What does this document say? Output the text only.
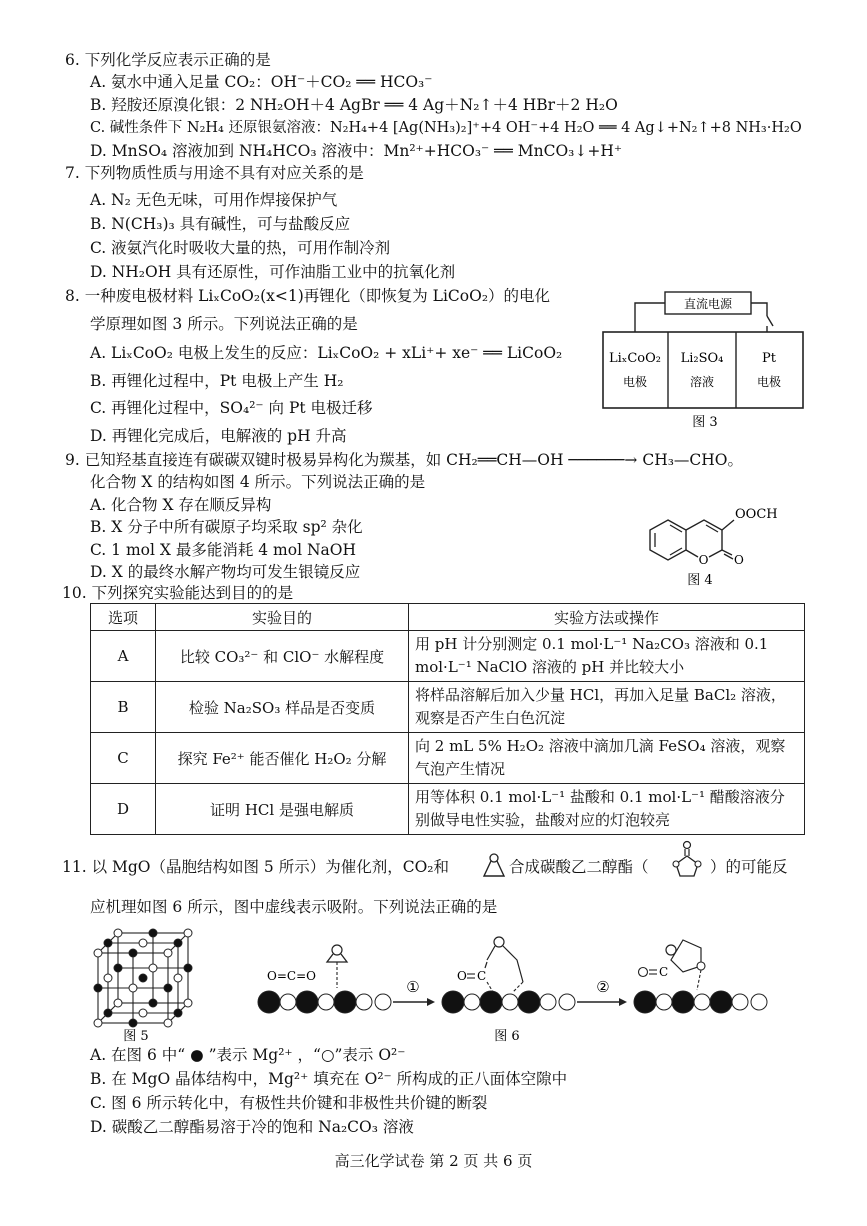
6. 下列化学反应表示正确的是
A. 氨水中通入足量 CO₂：OH⁻＋CO₂ ══ HCO₃⁻
B. 羟胺还原溴化银：2 NH₂OH＋4 AgBr ══ 4 Ag＋N₂↑＋4 HBr＋2 H₂O
C. 碱性条件下 N₂H₄ 还原银氨溶液：N₂H₄+4 [Ag(NH₃)₂]⁺+4 OH⁻+4 H₂O ══ 4 Ag↓+N₂↑+8 NH₃·H₂O
D. MnSO₄ 溶液加到 NH₄HCO₃ 溶液中：Mn²⁺+HCO₃⁻ ══ MnCO₃↓+H⁺
7. 下列物质性质与用途不具有对应关系的是
A. N₂ 无色无味，可用作焊接保护气
B. N(CH₃)₃ 具有碱性，可与盐酸反应
C. 液氨汽化时吸收大量的热，可用作制冷剂
D. NH₂OH 具有还原性，可作油脂工业中的抗氧化剂
8. 一种废电极材料 LiₓCoO₂(x<1)再锂化（即恢复为 LiCoO₂）的电化
学原理如图 3 所示。下列说法正确的是
A. LiₓCoO₂ 电极上发生的反应：LiₓCoO₂ + xLi⁺+ xe⁻ ══ LiCoO₂
B. 再锂化过程中，Pt 电极上产生 H₂
C. 再锂化过程中，SO₄²⁻ 向 Pt 电极迁移
D. 再锂化完成后，电解液的 pH 升高
直流电源
LiₓCoO₂
电极
Li₂SO₄
溶液
Pt
电极
图 3
9. 已知羟基直接连有碳碳双键时极易异构化为羰基，如 CH₂══CH—OH ──────→ CH₃—CHO。
化合物 X 的结构如图 4 所示。下列说法正确的是
A. 化合物 X 存在顺反异构
B. X 分子中所有碳原子均采取 sp² 杂化
C. 1 mol X 最多能消耗 4 mol NaOH
D. X 的最终水解产物均可发生银镜反应
O O
OOCH
图 4
10. 下列探究实验能达到目的的是
选项	实验目的	实验方法或操作
A	比较 CO₃²⁻ 和 ClO⁻ 水解程度	用 pH 计分别测定 0.1 mol·L⁻¹ Na₂CO₃ 溶液和 0.1 mol·L⁻¹ NaClO 溶液的 pH 并比较大小
B	检验 Na₂SO₃ 样品是否变质	将样品溶解后加入少量 HCl，再加入足量 BaCl₂ 溶液，观察是否产生白色沉淀
C	探究 Fe²⁺ 能否催化 H₂O₂ 分解	向 2 mL 5% H₂O₂ 溶液中滴加几滴 FeSO₄ 溶液，观察气泡产生情况
D	证明 HCl 是强电解质	用等体积 0.1 mol·L⁻¹ 盐酸和 0.1 mol·L⁻¹ 醋酸溶液分别做导电性实验，盐酸对应的灯泡较亮
11. 以 MgO（晶胞结构如图 5 所示）为催化剂，CO₂和	合成碳酸乙二醇酯（	）的可能反
应机理如图 6 所示，图中虚线表示吸附。下列说法正确的是
图 5
O=C=O
①
C
O
图 6
②
C
A. 在图 6 中“ ● ”表示 Mg²⁺ ，“○”表示 O²⁻
B. 在 MgO 晶体结构中，Mg²⁺ 填充在 O²⁻ 所构成的正八面体空隙中
C. 图 6 所示转化中，有极性共价键和非极性共价键的断裂
D. 碳酸乙二醇酯易溶于冷的饱和 Na₂CO₃ 溶液
高三化学试卷 第 2 页 共 6 页
